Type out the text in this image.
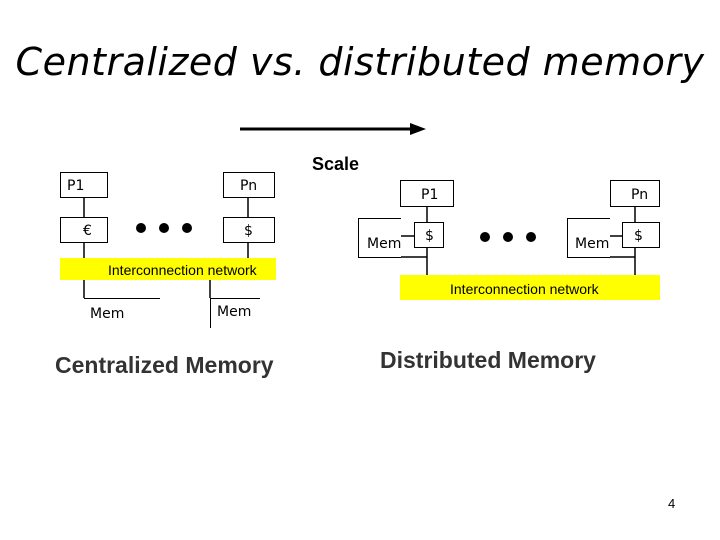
Centralized vs. distributed memory
Scale
P1	Pn
€	$
Interconnection network
Mem	Mem
Centralized Memory
P1	Pn
Mem	$	Mem	$
Interconnection network
Distributed Memory
4
